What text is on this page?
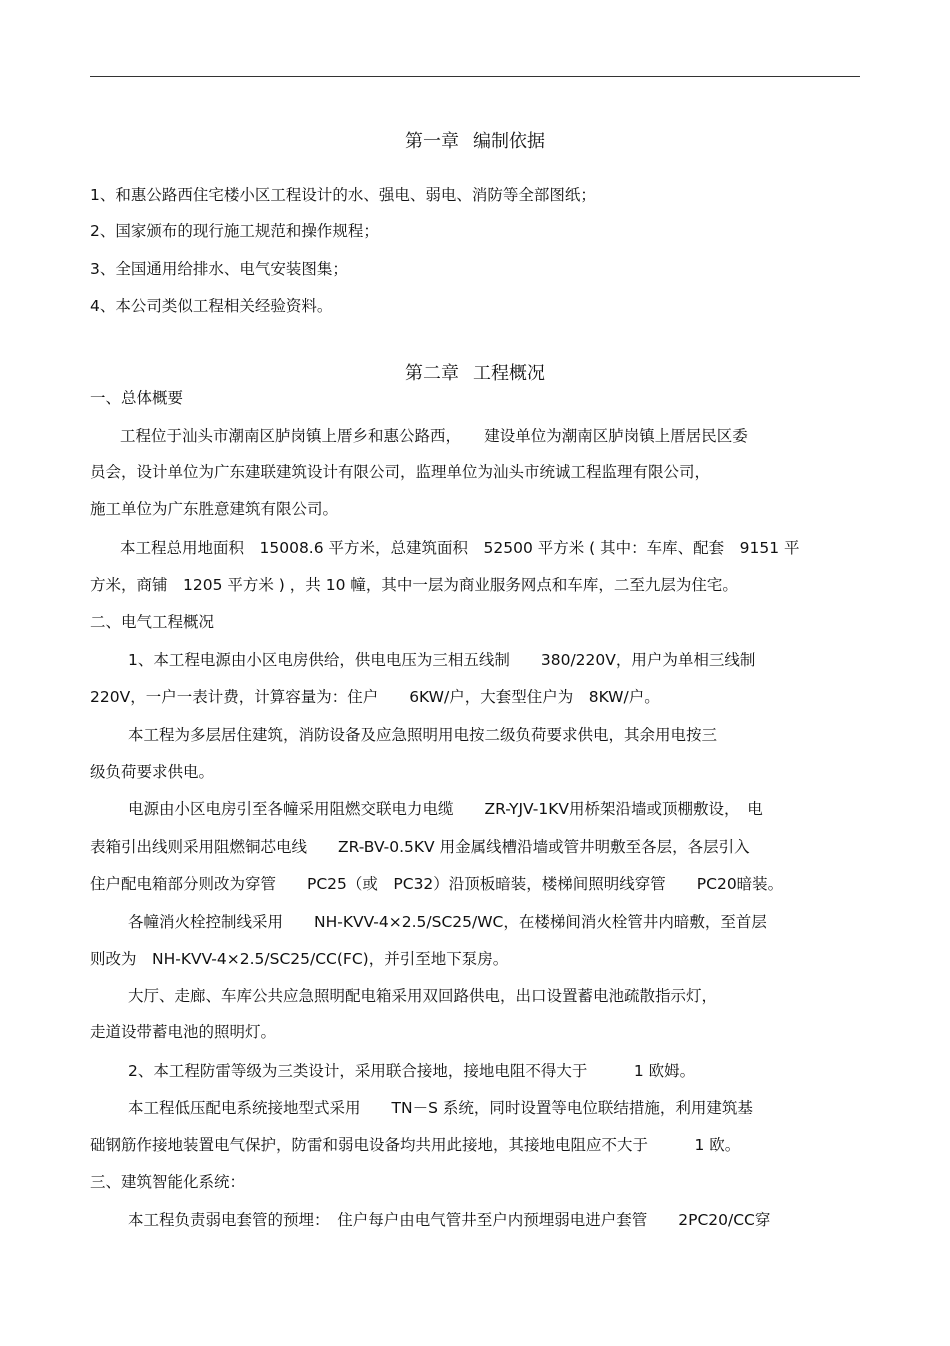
第一章 编制依据
1、和惠公路西住宅楼小区工程设计的水、强电、弱电、消防等全部图纸；
2、国家颁布的现行施工规范和操作规程；
3、全国通用给排水、电气安装图集；
4、本公司类似工程相关经验资料。
第二章 工程概况
一、总体概要
工程位于汕头市潮南区胪岗镇上厝乡和惠公路西，　　建设单位为潮南区胪岗镇上厝居民区委
员会，设计单位为广东建联建筑设计有限公司，监理单位为汕头市统诚工程监理有限公司，
施工单位为广东胜意建筑有限公司。
本工程总用地面积　15008.6 平方米，总建筑面积　52500 平方米 ( 其中：车库、配套　9151 平
方米，商铺　1205 平方米 ) ，共 10 幢，其中一层为商业服务网点和车库，二至九层为住宅。
二、电气工程概况
1、本工程电源由小区电房供给，供电电压为三相五线制　　380/220V，用户为单相三线制
220V，一户一表计费，计算容量为：住户　　6KW/户，大套型住户为　8KW/户。
本工程为多层居住建筑，消防设备及应急照明用电按二级负荷要求供电，其余用电按三
级负荷要求供电。
电源由小区电房引至各幢采用阻燃交联电力电缆　　ZR-YJV-1KV用桥架沿墙或顶棚敷设，　电
表箱引出线则采用阻燃铜芯电线　　ZR-BV-0.5KV 用金属线槽沿墙或管井明敷至各层，各层引入
住户配电箱部分则改为穿管　　PC25（或　PC32）沿顶板暗装，楼梯间照明线穿管　　PC20暗装。
各幢消火栓控制线采用　　NH-KVV-4×2.5/SC25/WC，在楼梯间消火栓管井内暗敷，至首层
则改为　NH-KVV-4×2.5/SC25/CC(FC)，并引至地下泵房。
大厅、走廊、车库公共应急照明配电箱采用双回路供电，出口设置蓄电池疏散指示灯，
走道设带蓄电池的照明灯。
2、本工程防雷等级为三类设计，采用联合接地，接地电阻不得大于　　　1 欧姆。
本工程低压配电系统接地型式采用　　TN－S 系统，同时设置等电位联结措施，利用建筑基
础钢筋作接地装置电气保护，防雷和弱电设备均共用此接地，其接地电阻应不大于　　　1 欧。
三、建筑智能化系统：
本工程负责弱电套管的预埋：　住户每户由电气管井至户内预埋弱电进户套管　　2PC20/CC穿
